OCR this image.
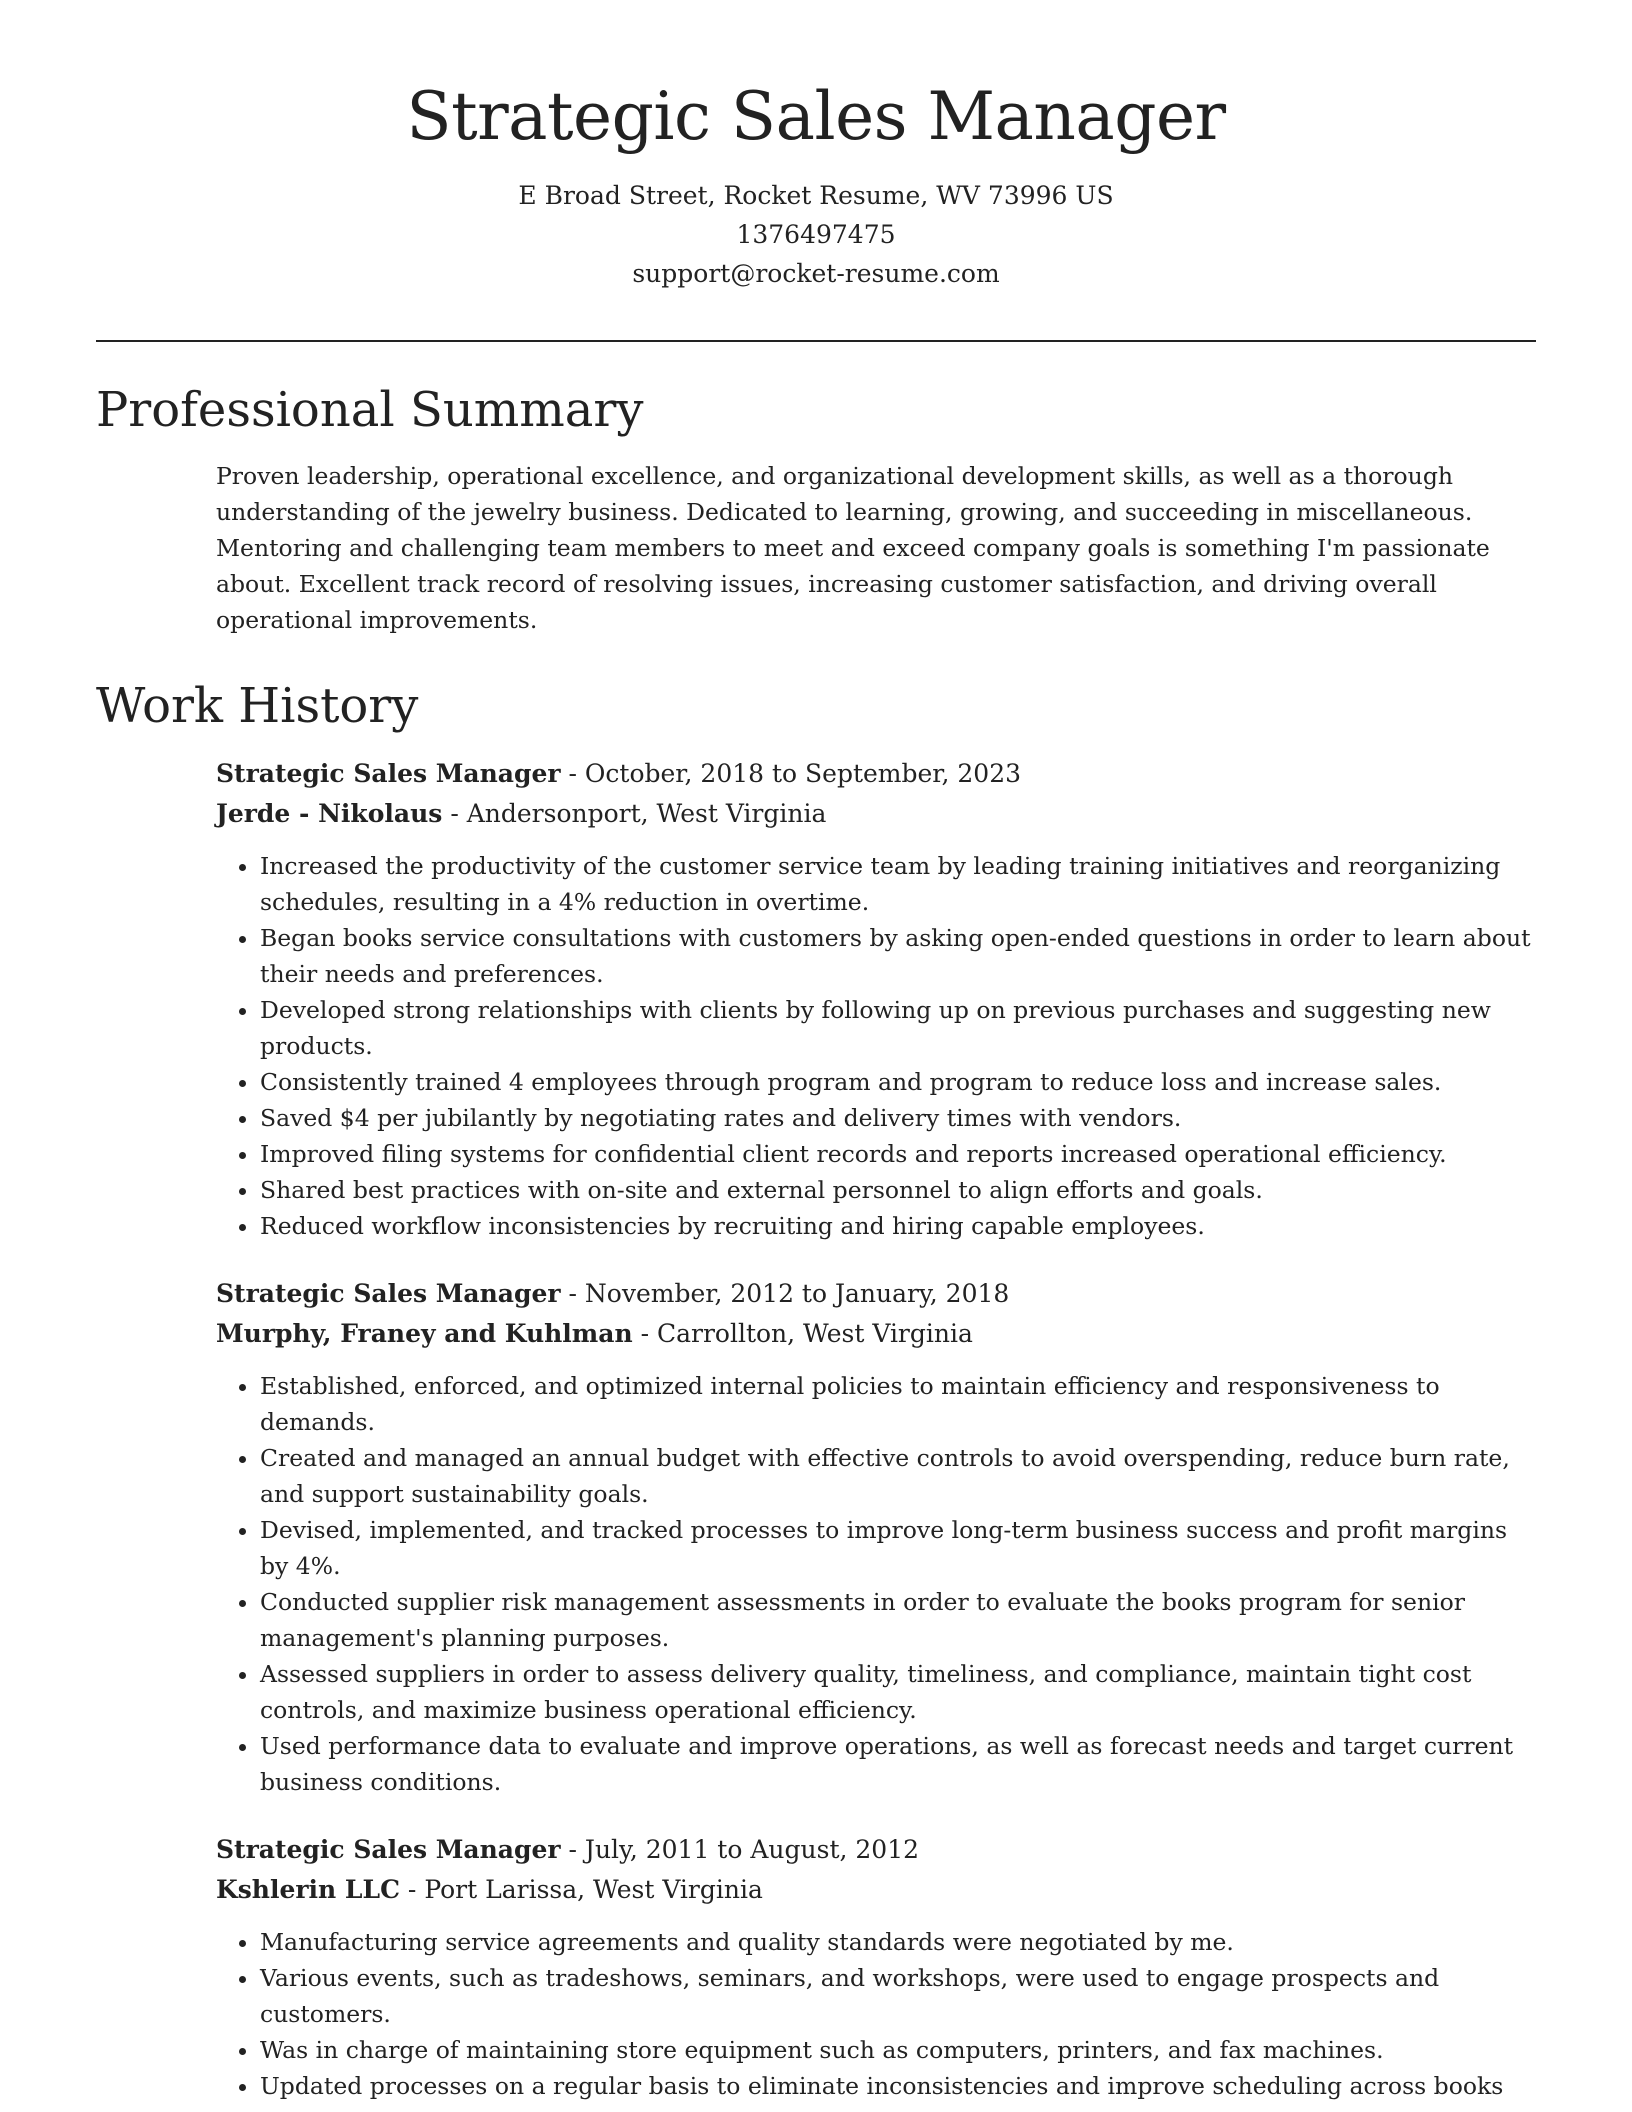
Strategic Sales Manager
E Broad Street, Rocket Resume, WV 73996 US
1376497475
support@rocket-resume.com
Professional Summary

Proven leadership, operational excellence, and organizational development skills, as well as a thorough understanding of the jewelry business. Dedicated to learning, growing, and succeeding in miscellaneous. Mentoring and challenging team members to meet and exceed company goals is something I'm passionate about. Excellent track record of resolving issues, increasing customer satisfaction, and driving overall operational improvements.

Work History
Strategic Sales Manager - October, 2018 to September, 2023
Jerde - Nikolaus - Andersonport, West Virginia
• Increased the productivity of the customer service team by leading training initiatives and reorganizing schedules, resulting in a 4% reduction in overtime.
• Began books service consultations with customers by asking open-ended questions in order to learn about their needs and preferences.
• Developed strong relationships with clients by following up on previous purchases and suggesting new products.
• Consistently trained 4 employees through program and program to reduce loss and increase sales.
• Saved $4 per jubilantly by negotiating rates and delivery times with vendors.
• Improved filing systems for confidential client records and reports increased operational efficiency.
• Shared best practices with on-site and external personnel to align efforts and goals.
• Reduced workflow inconsistencies by recruiting and hiring capable employees.
Strategic Sales Manager - November, 2012 to January, 2018
Murphy, Franey and Kuhlman - Carrollton, West Virginia
• Established, enforced, and optimized internal policies to maintain efficiency and responsiveness to demands.
• Created and managed an annual budget with effective controls to avoid overspending, reduce burn rate, and support sustainability goals.
• Devised, implemented, and tracked processes to improve long-term business success and profit margins by 4%.
• Conducted supplier risk management assessments in order to evaluate the books program for senior management's planning purposes.
• Assessed suppliers in order to assess delivery quality, timeliness, and compliance, maintain tight cost controls, and maximize business operational efficiency.
• Used performance data to evaluate and improve operations, as well as forecast needs and target current business conditions.
Strategic Sales Manager - July, 2011 to August, 2012
Kshlerin LLC - Port Larissa, West Virginia
• Manufacturing service agreements and quality standards were negotiated by me.
• Various events, such as tradeshows, seminars, and workshops, were used to engage prospects and customers.
• Was in charge of maintaining store equipment such as computers, printers, and fax machines.
• Updated processes on a regular basis to eliminate inconsistencies and improve scheduling across books
